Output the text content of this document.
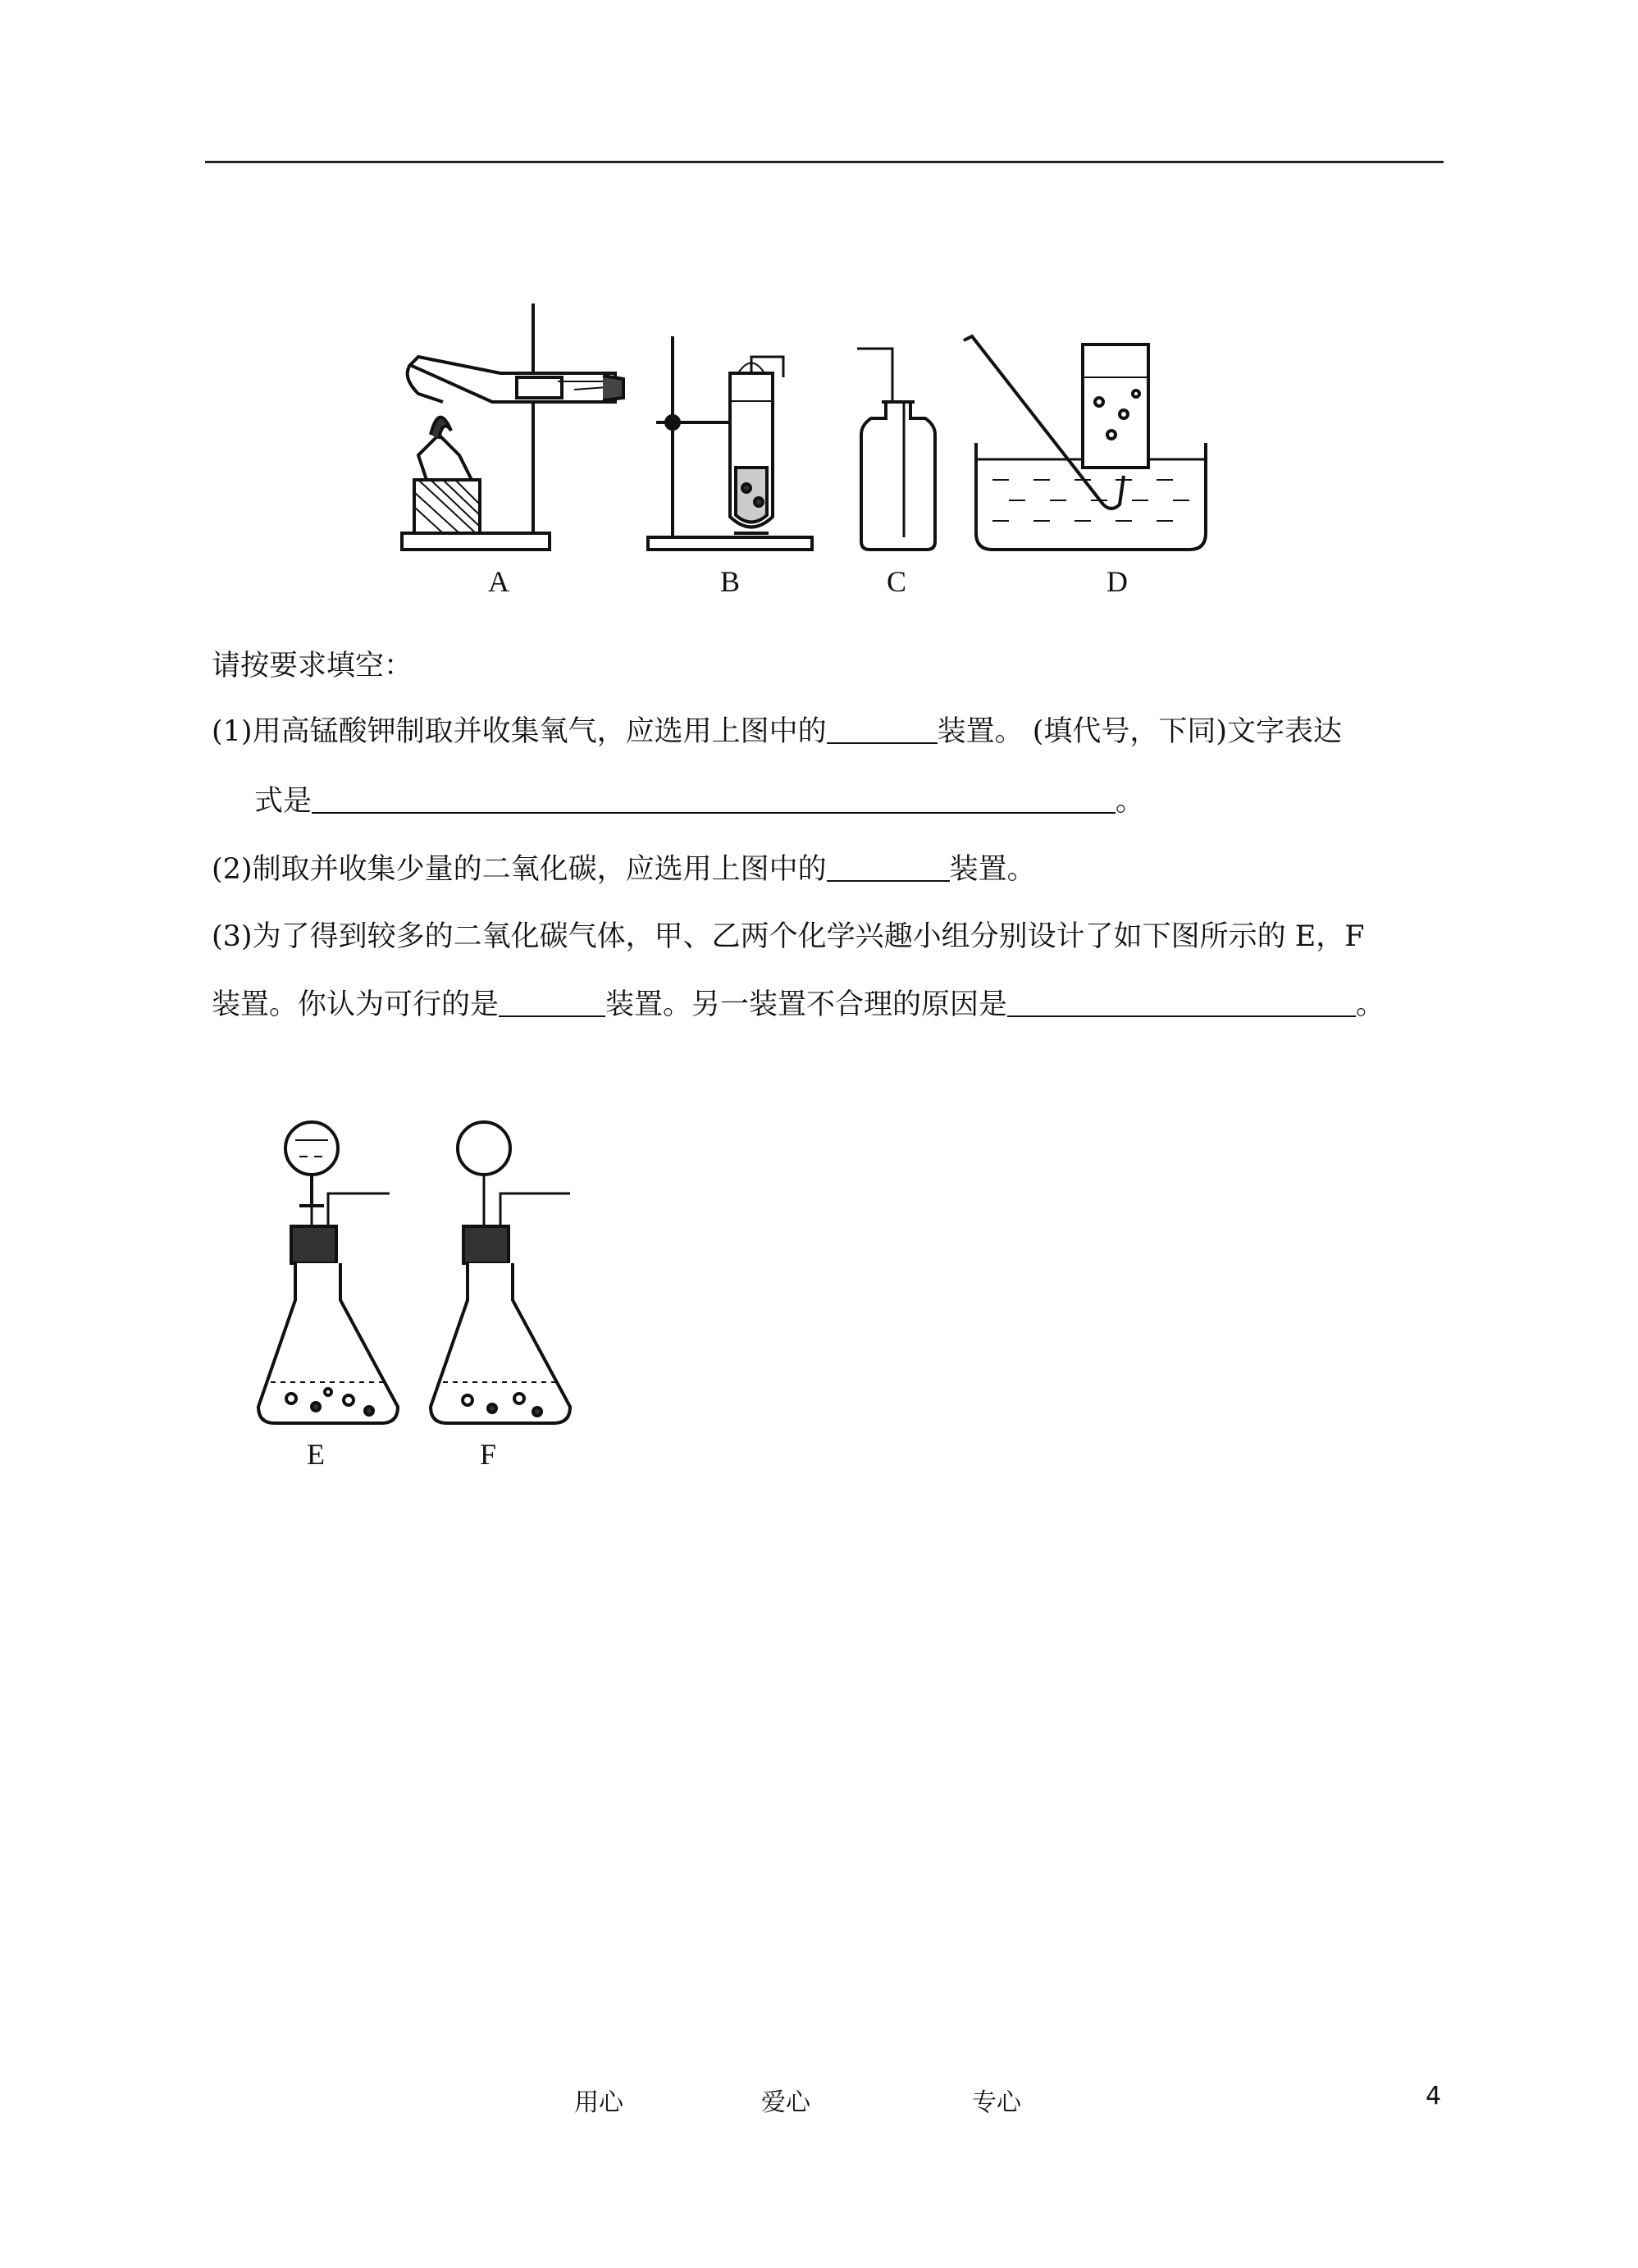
A	B	C	D
请按要求填空：
(1)用高锰酸钾制取并收集氧气，应选用上图中的	装置。 (填代号，下同)文字表达
式是	。
(2)制取并收集少量的二氧化碳，应选用上图中的	装置。
(3)为了得到较多的二氧化碳气体，甲、乙两个化学兴趣小组分别设计了如下图所示的 E，F
装置。你认为可行的是	装置。另一装置不合理的原因是	。
E	F
用心	爱心	专心	4
